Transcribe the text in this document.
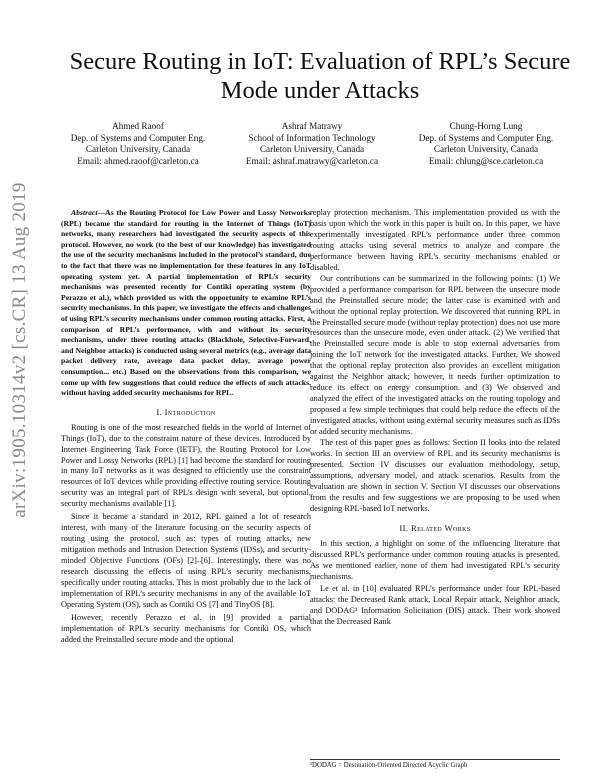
arXiv:1905.10314v2 [cs.CR] 13 Aug 2019
Secure Routing in IoT: Evaluation of RPL’s Secure Mode under Attacks
Ahmed Raoof
Dep. of Systems and Computer Eng.
Carleton University, Canada
Email: ahmed.raoof@carleton.ca
Ashraf Matrawy
School of Information Technology
Carleton University, Canada
Email: ashraf.matrawy@carleton.ca
Chung-Horng Lung
Dep. of Systems and Computer Eng.
Carleton University, Canada
Email: chlung@sce.carleton.ca

Abstract—As the Routing Protocol for Low Power and Lossy Networks (RPL) became the standard for routing in the Internet of Things (IoT) networks, many researchers had investigated the security aspects of this protocol. However, no work (to the best of our knowledge) has investigated the use of the security mechanisms included in the protocol’s standard, due to the fact that there was no implementation for these features in any IoT operating system yet. A partial implementation of RPL’s security mechanisms was presented recently for Contiki operating system (by Perazzo et al.), which provided us with the opportunity to examine RPL’s security mechanisms. In this paper, we investigate the effects and challenges of using RPL’s security mechanisms under common routing attacks. First, a comparison of RPL’s performance, with and without its security mechanisms, under three routing attacks (Blackhole, Selective-Forward, and Neighbor attacks) is conducted using several metrics (e.g., average data packet delivery rate, average data packet delay, average power consumption... etc.) Based on the observations from this comparison, we come up with few suggestions that could reduce the effects of such attacks, without having added security mechanisms for RPL.

I. Introduction

Routing is one of the most researched fields in the world of Internet of Things (IoT), due to the constraint nature of these devices. Introduced by Internet Engineering Task Force (IETF), the Routing Protocol for Low Power and Lossy Networks (RPL) [1] had become the standard for routing in many IoT networks as it was designed to efficiently use the constraint resources of IoT devices while providing effective routing service. Routing security was an integral part of RPL’s design with several, but optional, security mechanisms available [1].

Since it became a standard in 2012, RPL gained a lot of research interest, with many of the literature focusing on the security aspects of routing using the protocol, such as: types of routing attacks, new mitigation methods and Intrusion Detection Systems (IDSs), and security-minded Objective Functions (OFs) [2]–[6]. Interestingly, there was no research discussing the effects of using RPL’s security mechanisms, specifically under routing attacks. This is most probably due to the lack of implementation of RPL’s security mechanisms in any of the available IoT Operating System (OS), such as Contiki OS [7] and TinyOS [8].

However, recently Perazzo et al. in [9] provided a partial implementation of RPL’s security mechanisms for Contiki OS, which added the Preinstalled secure mode and the optional

replay protection mechanism. This implementation provided us with the basis upon which the work in this paper is built on. In this paper, we have experimentally investigated RPL’s performance under three common routing attacks using several metrics to analyze and compare the performance between having RPL’s security mechanisms enabled or disabled.

Our contributions can be summarized in the following points: (1) We provided a performance comparison for RPL between the unsecure mode and the Preinstalled secure mode; the latter case is examined with and without the optional replay protection. We discovered that running RPL in the Preinstalled secure mode (without replay protection) does not use more resources than the unsecure mode, even under attack. (2) We verified that the Preinstalled secure mode is able to stop external adversaries from joining the IoT network for the investigated attacks. Further, We showed that the optional replay protection also provides an excellent mitigation against the Neighbor attack; however, it needs further optimization to reduce its effect on energy consumption. and (3) We observed and analyzed the effect of the investigated attacks on the routing topology and proposed a few simple techniques that could help reduce the effects of the investigated attacks, without using external security measures such as IDSs or added security mechanisms.

The rest of this paper goes as follows: Section II looks into the related works. In section III an overview of RPL and its security mechanisms is presented. Section IV discusses our evaluation methodology, setup, assumptions, adversary model, and attack scenarios. Results from the evaluation are shown in section V. Section VI discusses our observations from the results and few suggestions we are proposing to be used when designing RPL-based IoT networks.

II. Related Works

In this section, a highlight on some of the influencing literature that discussed RPL’s performance under common routing attacks is presented. As we mentioned earlier, none of them had investigated RPL’s security mechanisms.

Le et al. in [10] evaluated RPL’s performance under four RPL-based attacks: the Decreased Rank attack, Local Repair attack, Neighbor attack, and DODAG¹ Information Solicitation (DIS) attack. Their work showed that the Decreased Rank

¹DODAG = Destination-Oriented Directed Acyclic Graph
